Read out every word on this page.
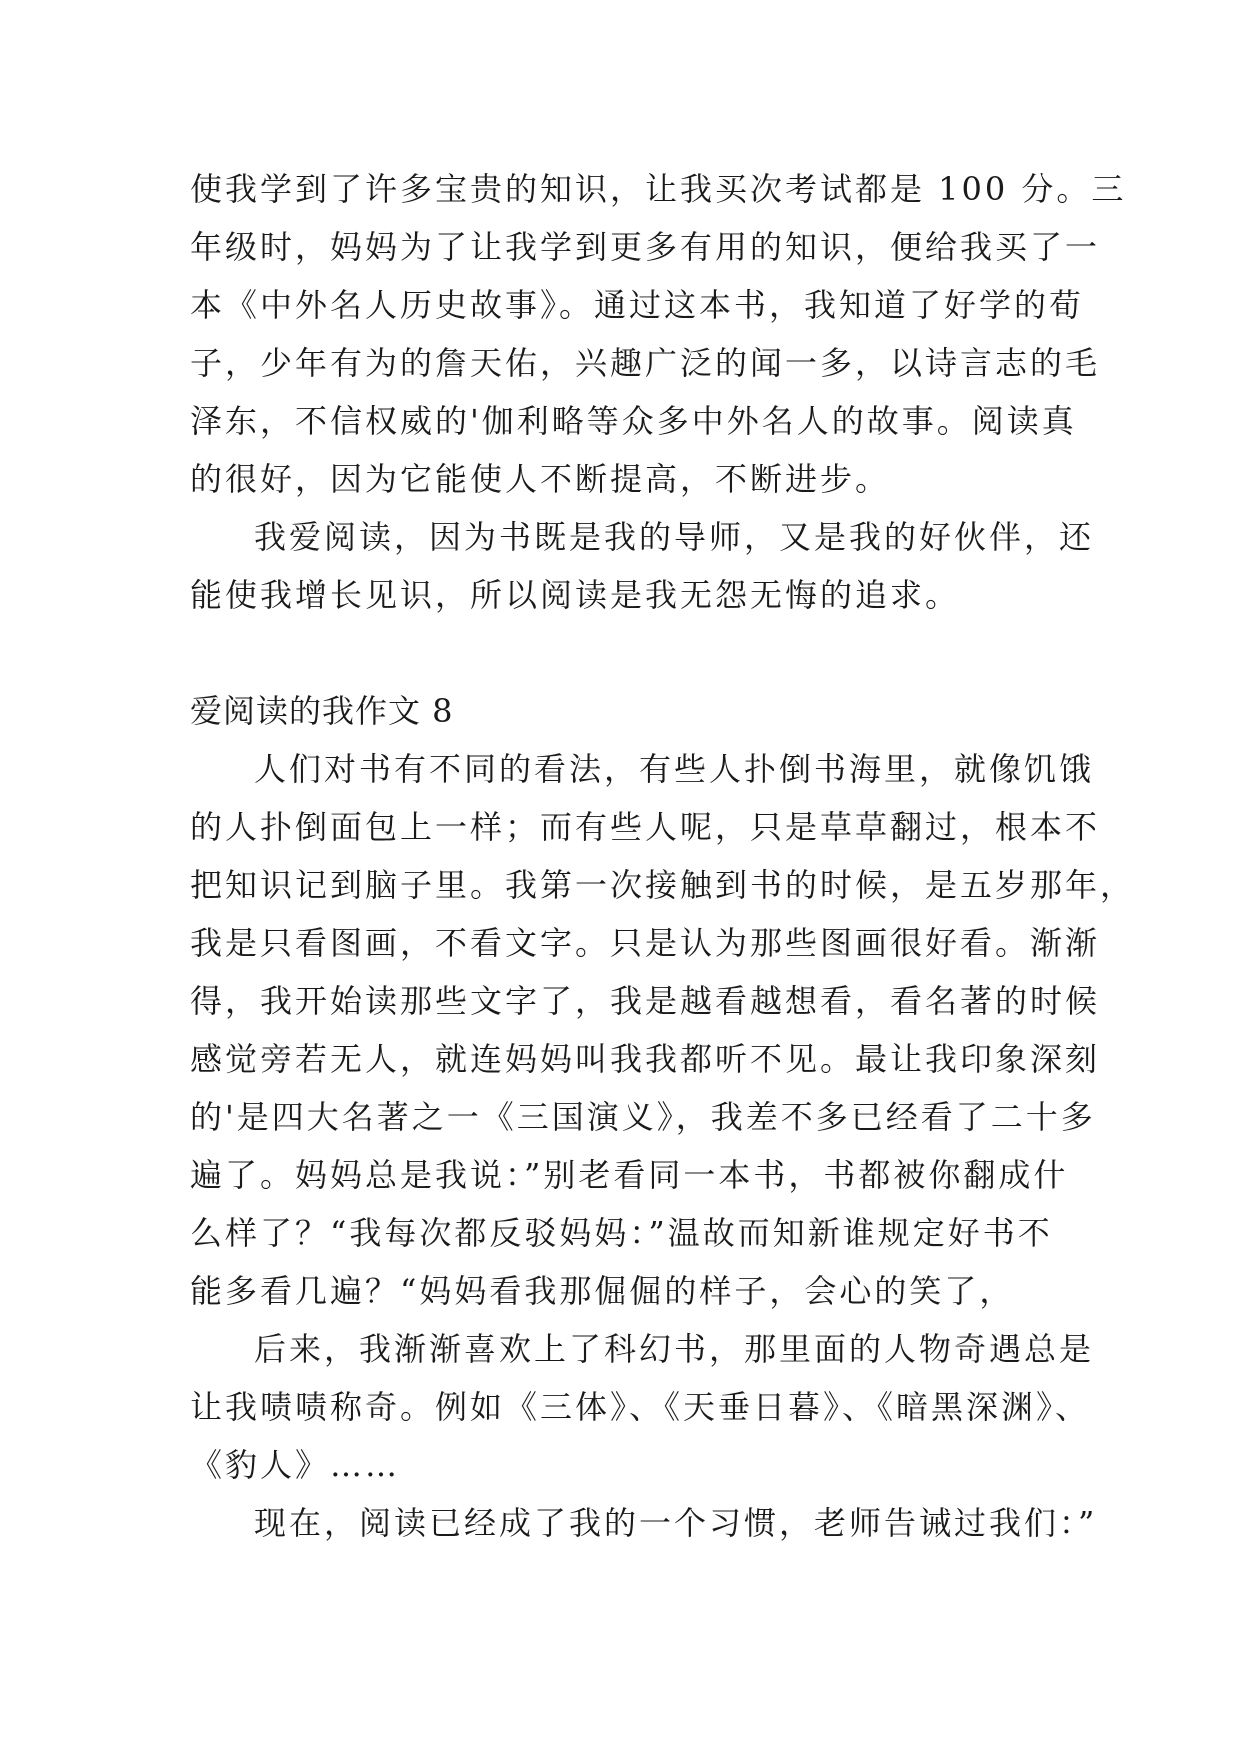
使我学到了许多宝贵的知识，让我买次考试都是 100 分。三
年级时，妈妈为了让我学到更多有用的知识，便给我买了一
本《中外名人历史故事》。通过这本书，我知道了好学的荀
子，少年有为的詹天佑，兴趣广泛的闻一多，以诗言志的毛
泽东，不信权威的'伽利略等众多中外名人的故事。阅读真
的很好，因为它能使人不断提高，不断进步。
我爱阅读，因为书既是我的导师，又是我的好伙伴，还
能使我增长见识，所以阅读是我无怨无悔的追求。
爱阅读的我作文 8
人们对书有不同的看法，有些人扑倒书海里，就像饥饿
的人扑倒面包上一样；而有些人呢，只是草草翻过，根本不
把知识记到脑子里。我第一次接触到书的时候，是五岁那年，
我是只看图画，不看文字。只是认为那些图画很好看。渐渐
得，我开始读那些文字了，我是越看越想看，看名著的时候
感觉旁若无人，就连妈妈叫我我都听不见。最让我印象深刻
的'是四大名著之一《三国演义》，我差不多已经看了二十多
遍了。妈妈总是我说：”别老看同一本书，书都被你翻成什
么样了？“我每次都反驳妈妈：”温故而知新谁规定好书不
能多看几遍？“妈妈看我那倔倔的样子，会心的笑了，
后来，我渐渐喜欢上了科幻书，那里面的人物奇遇总是
让我啧啧称奇。例如《三体》、《天垂日暮》、《暗黑深渊》、
《豹人》……
现在，阅读已经成了我的一个习惯，老师告诫过我们：”
